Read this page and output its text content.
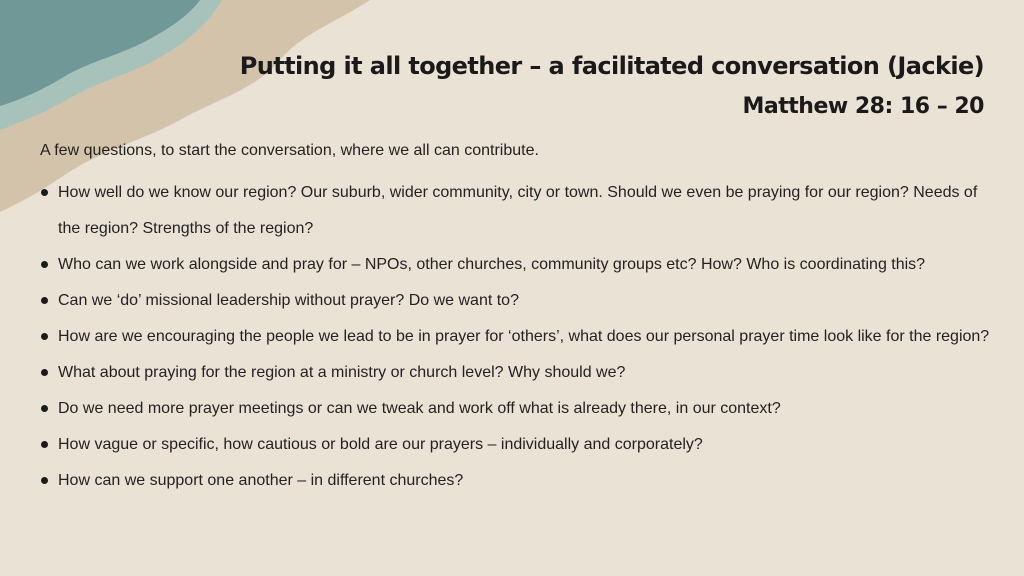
Putting it all together – a facilitated conversation (Jackie)
Matthew 28: 16 – 20
A few questions, to start the conversation, where we all can contribute.
How well do we know our region? Our suburb, wider community, city or town. Should we even be praying for our region? Needs of the region? Strengths of the region?
Who can we work alongside and pray for – NPOs, other churches, community groups etc? How? Who is coordinating this?
Can we ‘do’ missional leadership without prayer? Do we want to?
How are we encouraging the people we lead to be in prayer for ‘others’, what does our personal prayer time look like for the region?
What about praying for the region at a ministry or church level? Why should we?
Do we need more prayer meetings or can we tweak and work off what is already there, in our context?
How vague or specific, how cautious or bold are our prayers – individually and corporately?
How can we support one another – in different churches?
